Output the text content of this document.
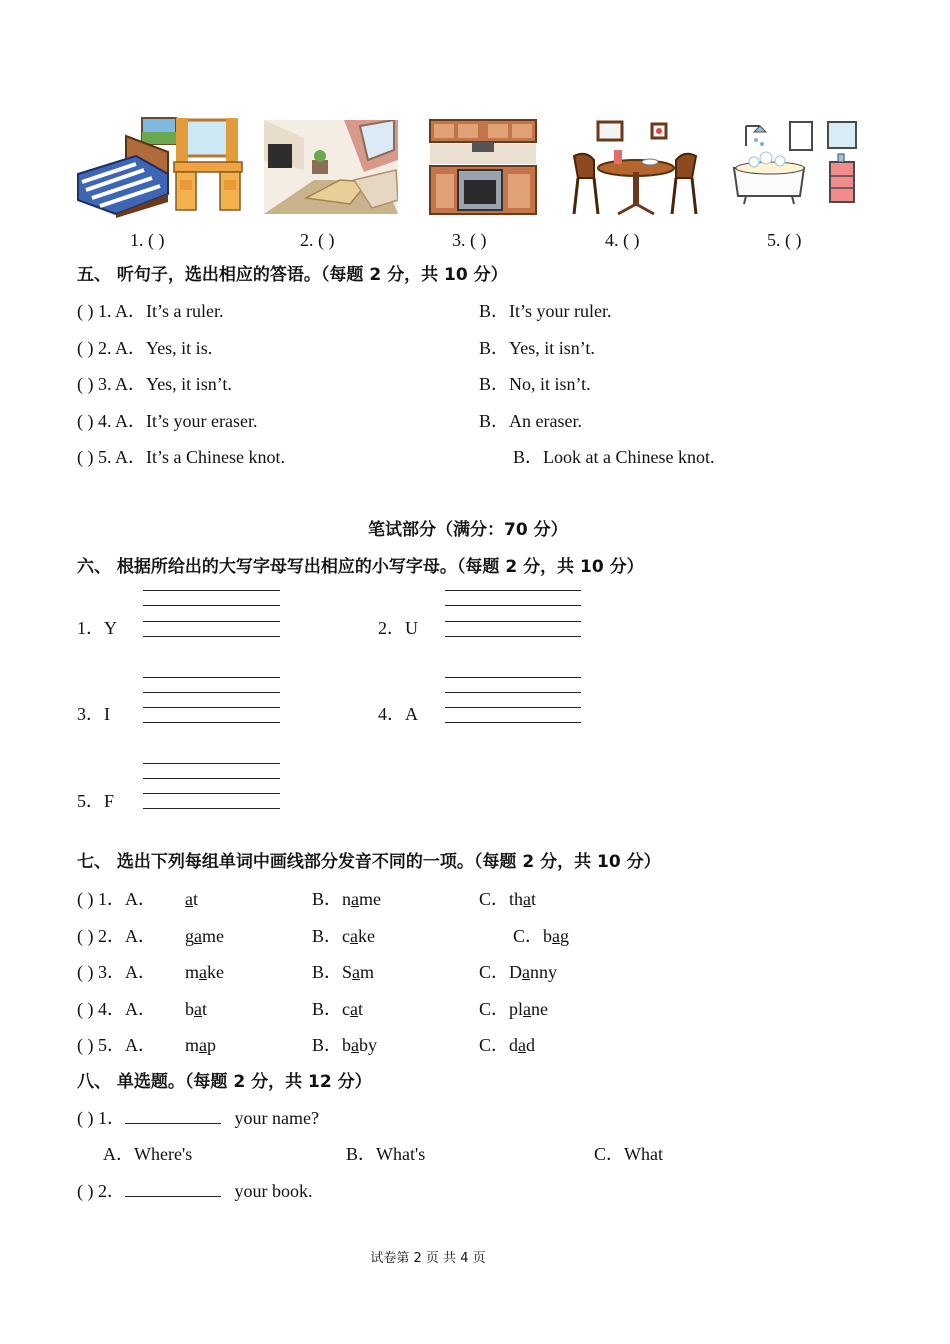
1. ( )	2. ( )	3. ( )	4. ( )	5. ( )
五、 听句子，选出相应的答语。（每题 2 分，共 10 分）
( ) 1. A．It’s a ruler.	B．It’s your ruler.
( ) 2. A．Yes, it is.	B．Yes, it isn’t.
( ) 3. A．Yes, it isn’t.	B．No, it isn’t.
( ) 4. A．It’s your eraser.	B．An eraser.
( ) 5. A．It’s a Chinese knot.	B．Look at a Chinese knot.
笔试部分（满分：70 分）
六、 根据所给出的大写字母写出相应的小写字母。（每题 2 分，共 10 分）
1．Y	2．U
3．I	4．A
5．F
七、 选出下列每组单词中画线部分发音不同的一项。（每题 2 分，共 10 分）
( ) 1．A． at	B．name	C．that
( ) 2．A． game	B．cake	C．bag
( ) 3．A． make	B．Sam	C．Danny
( ) 4．A． bat	B．cat	C．plane
( ) 5．A． map	B．baby	C．dad
八、 单选题。（每题 2 分，共 12 分）
( ) 1．	your name?
A．Where's	B．What's	C．What
( ) 2．	your book.
试卷第 2 页 共 4 页
